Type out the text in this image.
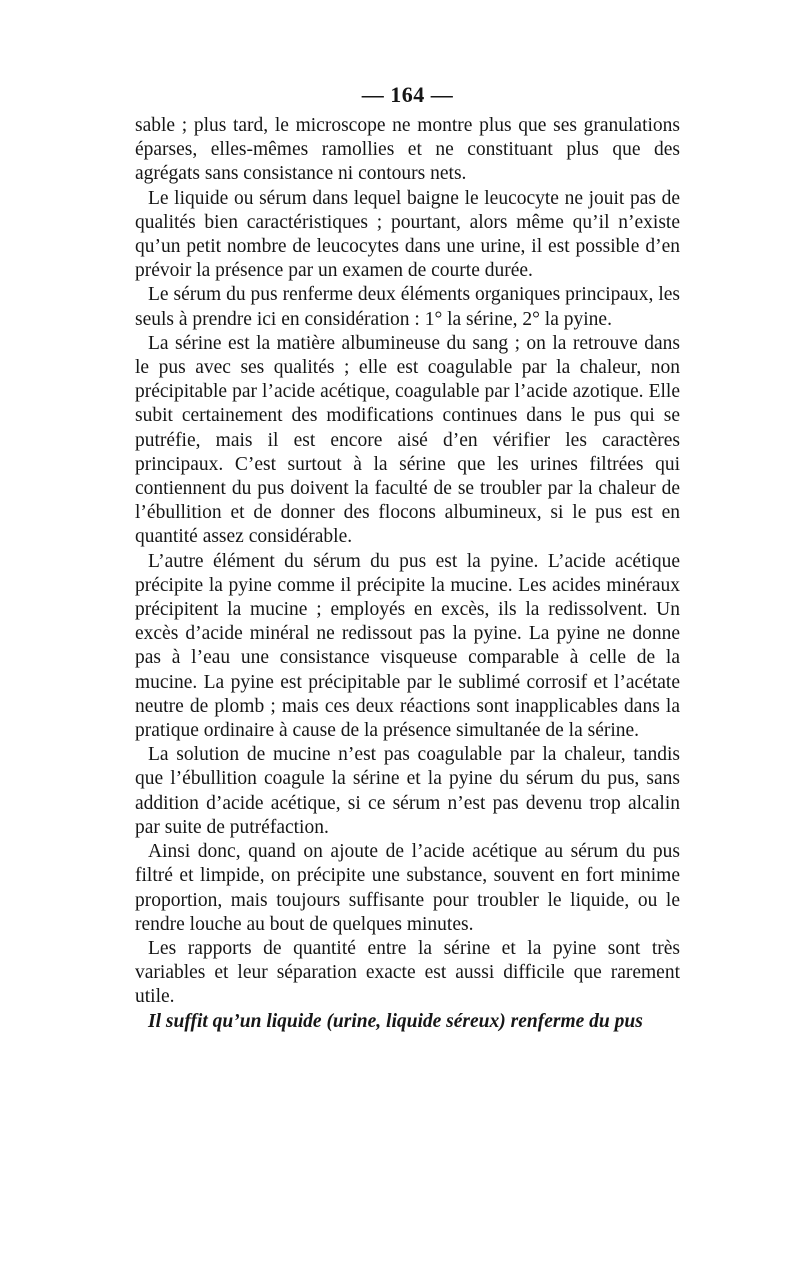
— 164 —

sable ; plus tard, le microscope ne montre plus que ses granulations éparses, elles-mêmes ramollies et ne constituant plus que des agrégats sans consistance ni contours nets.

Le liquide ou sérum dans lequel baigne le leucocyte ne jouit pas de qualités bien caractéristiques ; pourtant, alors même qu’il n’existe qu’un petit nombre de leucocytes dans une urine, il est possible d’en prévoir la présence par un examen de courte durée.

Le sérum du pus renferme deux éléments organiques principaux, les seuls à prendre ici en considération : 1° la sérine, 2° la pyine.

La sérine est la matière albumineuse du sang ; on la retrouve dans le pus avec ses qualités ; elle est coagulable par la chaleur, non précipitable par l’acide acétique, coagulable par l’acide azotique. Elle subit certainement des modifications continues dans le pus qui se putréfie, mais il est encore aisé d’en vérifier les caractères principaux. C’est surtout à la sérine que les urines filtrées qui contiennent du pus doivent la faculté de se troubler par la chaleur de l’ébullition et de donner des flocons albumineux, si le pus est en quantité assez considérable.

L’autre élément du sérum du pus est la pyine. L’acide acétique précipite la pyine comme il précipite la mucine. Les acides minéraux précipitent la mucine ; employés en excès, ils la redissolvent. Un excès d’acide minéral ne redissout pas la pyine. La pyine ne donne pas à l’eau une consistance visqueuse comparable à celle de la mucine. La pyine est précipitable par le sublimé corrosif et l’acétate neutre de plomb ; mais ces deux réactions sont inapplicables dans la pratique ordinaire à cause de la présence simultanée de la sérine.

La solution de mucine n’est pas coagulable par la chaleur, tandis que l’ébullition coagule la sérine et la pyine du sérum du pus, sans addition d’acide acétique, si ce sérum n’est pas devenu trop alcalin par suite de putréfaction.

Ainsi donc, quand on ajoute de l’acide acétique au sérum du pus filtré et limpide, on précipite une substance, souvent en fort minime proportion, mais toujours suffisante pour troubler le liquide, ou le rendre louche au bout de quelques minutes.

Les rapports de quantité entre la sérine et la pyine sont très variables et leur séparation exacte est aussi difficile que rarement utile.

Il suffit qu’un liquide (urine, liquide séreux) renferme du pus
